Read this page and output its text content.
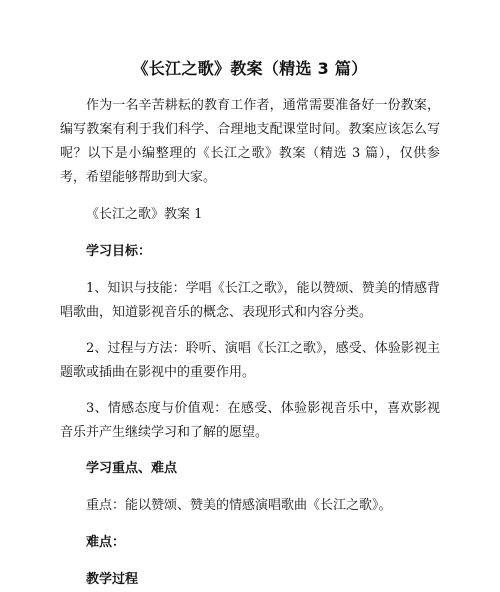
《长江之歌》教案（精选 3 篇）

作为一名辛苦耕耘的教育工作者，通常需要准备好一份教案，编写教案有利于我们科学、合理地支配课堂时间。教案应该怎么写呢？以下是小编整理的《长江之歌》教案（精选 3 篇），仅供参考，希望能够帮助到大家。

《长江之歌》教案 1
学习目标：

1、知识与技能：学唱《长江之歌》，能以赞颂、赞美的情感背唱歌曲，知道影视音乐的概念、表现形式和内容分类。

2、过程与方法：聆听、演唱《长江之歌》，感受、体验影视主题歌或插曲在影视中的重要作用。

3、情感态度与价值观：在感受、体验影视音乐中，喜欢影视音乐并产生继续学习和了解的愿望。

学习重点、难点
重点：能以赞颂、赞美的情感演唱歌曲《长江之歌》。
难点：
教学过程
